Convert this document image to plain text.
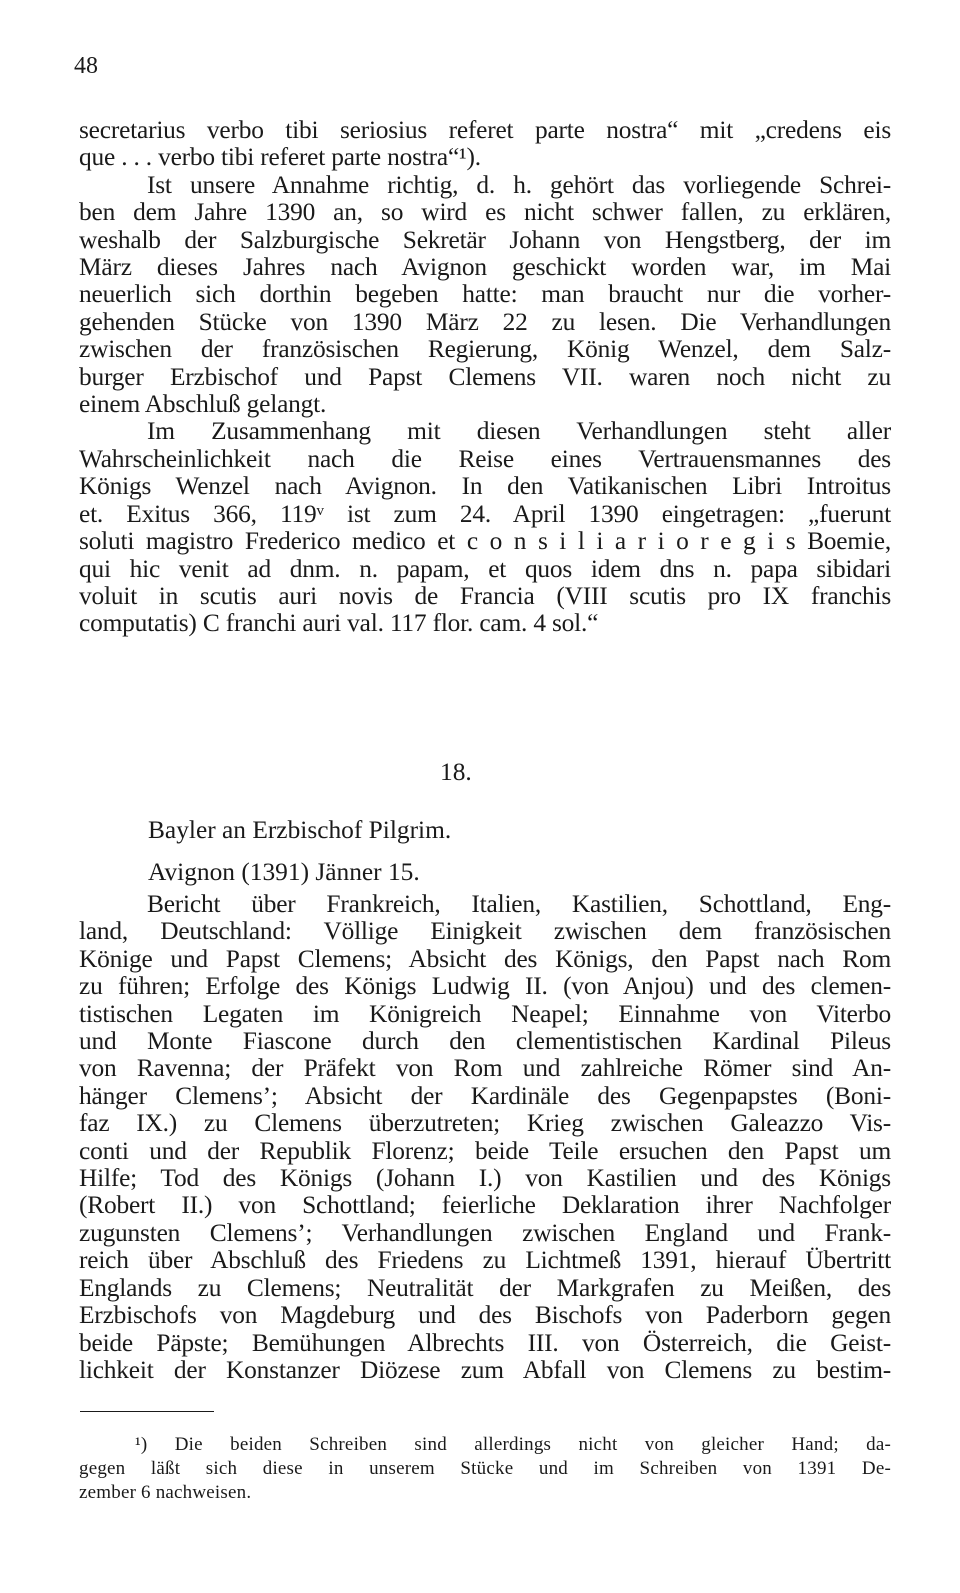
48
secretarius verbo tibi seriosius referet parte nostra“ mit „credens eis
que . . . verbo tibi referet parte nostra“¹).
Ist unsere Annahme richtig, d. h. gehört das vorliegende Schrei-
ben dem Jahre 1390 an, so wird es nicht schwer fallen, zu erklären,
weshalb der Salzburgische Sekretär Johann von Hengstberg, der im
März dieses Jahres nach Avignon geschickt worden war, im Mai
neuerlich sich dorthin begeben hatte: man braucht nur die vorher-
gehenden Stücke von 1390 März 22 zu lesen. Die Verhandlungen
zwischen der französischen Regierung, König Wenzel, dem Salz-
burger Erzbischof und Papst Clemens VII. waren noch nicht zu
einem Abschluß gelangt.
Im Zusammenhang mit diesen Verhandlungen steht aller
Wahrscheinlichkeit nach die Reise eines Vertrauensmannes des
Königs Wenzel nach Avignon. In den Vatikanischen Libri Introitus
et. Exitus 366, 119ᵛ ist zum 24. April 1390 eingetragen: „fuerunt
soluti magistro Frederico medico et c o n s i l i a r i o r e g i s Boemie,
qui hic venit ad dnm. n. papam, et quos idem dns n. papa sibidari
voluit in scutis auri novis de Francia (VIII scutis pro IX franchis
computatis) C franchi auri val. 117 flor. cam. 4 sol.“
18.
Bayler an Erzbischof Pilgrim.
Avignon (1391) Jänner 15.
Bericht über Frankreich, Italien, Kastilien, Schottland, Eng-
land, Deutschland: Völlige Einigkeit zwischen dem französischen
Könige und Papst Clemens; Absicht des Königs, den Papst nach Rom
zu führen; Erfolge des Königs Ludwig II. (von Anjou) und des clemen-
tistischen Legaten im Königreich Neapel; Einnahme von Viterbo
und Monte Fiascone durch den clementistischen Kardinal Pileus
von Ravenna; der Präfekt von Rom und zahlreiche Römer sind An-
hänger Clemens’; Absicht der Kardinäle des Gegenpapstes (Boni-
faz IX.) zu Clemens überzutreten; Krieg zwischen Galeazzo Vis-
conti und der Republik Florenz; beide Teile ersuchen den Papst um
Hilfe; Tod des Königs (Johann I.) von Kastilien und des Königs
(Robert II.) von Schottland; feierliche Deklaration ihrer Nachfolger
zugunsten Clemens’; Verhandlungen zwischen England und Frank-
reich über Abschluß des Friedens zu Lichtmeß 1391, hierauf Übertritt
Englands zu Clemens; Neutralität der Markgrafen zu Meißen, des
Erzbischofs von Magdeburg und des Bischofs von Paderborn gegen
beide Päpste; Bemühungen Albrechts III. von Österreich, die Geist-
lichkeit der Konstanzer Diözese zum Abfall von Clemens zu bestim-
¹) Die beiden Schreiben sind allerdings nicht von gleicher Hand; da-
gegen läßt sich diese in unserem Stücke und im Schreiben von 1391 De-
zember 6 nachweisen.
